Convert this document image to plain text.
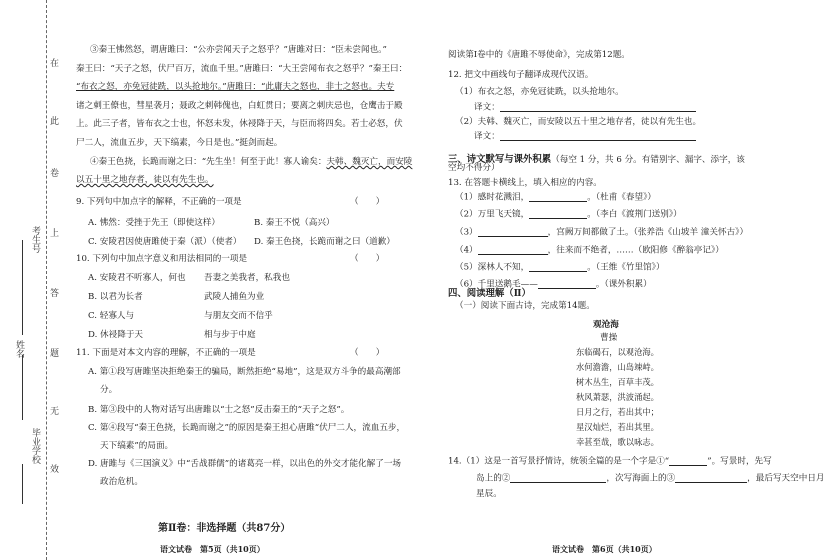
在
此
卷
上
答
题
无
效
考生号
姓名
毕业学校
③秦王怫然怒，谓唐雎曰：“公亦尝闻天子之怒乎？”唐雎对曰：“臣未尝闻也。”
秦王曰：“天子之怒，伏尸百万，流血千里。”唐雎曰：“大王尝闻布衣之怒乎？”秦王曰：
“布衣之怒，亦免冠徒跣，以头抢地尔。”唐雎曰：“此庸夫之怒也，非士之怒也。夫专
诸之刺王僚也，彗星袭月；聂政之刺韩傀也，白虹贯日；要离之刺庆忌也，仓鹰击于殿
上。此三子者，皆布衣之士也，怀怒未发，休祲降于天，与臣而将四矣。若士必怒，伏
尸二人，流血五步，天下缟素，今日是也。”挺剑而起。
④秦王色挠，长跪而谢之曰：“先生坐！何至于此！寡人谕矣：夫韩、魏灭亡，而安陵
以五十里之地存者，徒以有先生也。
9. 下列句中加点字的解释，不正确的一项是	（　　）
A. 怫然：受挫于先王（即使这样）	B. 秦王不悦（高兴）
C. 安陵君因使唐雎使于秦（派）（使者） D. 秦王色挠，长跪而谢之曰（道歉）
10. 下列句中加点字意义和用法相同的一项是	（　　）
A. 安陵君不听寡人，何也 吾妻之美我者，私我也
B. 以君为长者	武陵人捕鱼为业
C. 轻寡人与	与朋友交而不信乎
D. 休祲降于天	相与步于中庭
11. 下面是对本文内容的理解，不正确的一项是	（　　）
A. 第①段写唐雎坚决拒绝秦王的骗局，断然拒绝“易地”，这是双方斗争的最高潮部
分。
B. 第③段中的人物对话写出唐雎以“士之怒”反击秦王的“天子之怒”。
C. 第④段写“秦王色挠，长跪而谢之”的原因是秦王担心唐雎“伏尸二人，流血五步，
天下缟素”的局面。
D. 唐雎与《三国演义》中“舌战群儒”的诸葛亮一样，以出色的外交才能化解了一场
政治危机。
第Ⅱ卷：非选择题（共87分）
语文试卷　第5页（共10页）
阅读第Ⅰ卷中的《唐雎不辱使命》，完成第12题。
12. 把文中画线句子翻译成现代汉语。
（1）布衣之怒，亦免冠徒跣，以头抢地尔。
译文：
（2）夫韩、魏灭亡，而安陵以五十里之地存者，徒以有先生也。
译文：
三、诗文默写与课外积累（每空 1 分，共 6 分。有错别字、漏字、添字，该
空均不得分）
13. 在答题卡横线上，填入相应的内容。
（1）感时花溅泪，	。（杜甫《春望》）
（2）万里飞天镜，	。（李白《渡荆门送别》）
（3）	，宫阙万间都做了土。（张养浩《山坡羊 潼关怀古》）
（4）	，往来而不绝者，……（欧阳修《醉翁亭记》）
（5）深林人不知，	。（王维《竹里馆》）
（6）千里送鹅毛——	。（课外积累）
四、阅读理解（Ⅱ）
（一）阅读下面古诗，完成第14题。
观沧海
曹操
东临碣石，以观沧海。
水何澹澹，山岛竦峙。
树木丛生，百草丰茂。
秋风萧瑟，洪波涌起。
日月之行，若出其中；
星汉灿烂，若出其里。
幸甚至哉，歌以咏志。
14.（1）这是一首写景抒情诗，统领全篇的是一个字是①“	”。写景时，先写
岛上的②	，次写海面上的③	，最后写天空中日月
星辰。
语文试卷　第6页（共10页）
